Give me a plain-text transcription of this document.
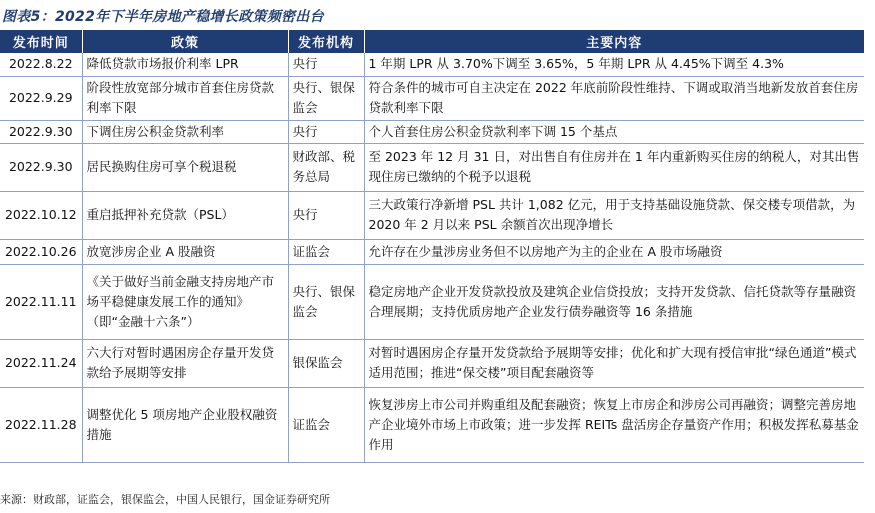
图表5：2022年下半年房地产稳增长政策频密出台
发布时间	政策	发布机构	主要内容
2022.8.22	降低贷款市场报价利率 LPR	央行	1 年期 LPR 从 3.70%下调至 3.65%，5 年期 LPR 从 4.45%下调至 4.3%
2022.9.29	阶段性放宽部分城市首套住房贷款利率下限	央行、银保监会	符合条件的城市可自主决定在 2022 年底前阶段性维持、下调或取消当地新发放首套住房贷款利率下限
2022.9.30	下调住房公积金贷款利率	央行	个人首套住房公积金贷款利率下调 15 个基点
2022.9.30	居民换购住房可享个税退税	财政部、税务总局	至 2023 年 12 月 31 日，对出售自有住房并在 1 年内重新购买住房的纳税人，对其出售现住房已缴纳的个税予以退税
2022.10.12	重启抵押补充贷款（PSL）	央行	三大政策行净新增 PSL 共计 1,082 亿元，用于支持基础设施贷款、保交楼专项借款，为 2020 年 2 月以来 PSL 余额首次出现净增长
2022.10.26	放宽涉房企业 A 股融资	证监会	允许存在少量涉房业务但不以房地产为主的企业在 A 股市场融资
2022.11.11	《关于做好当前金融支持房地产市场平稳健康发展工作的通知》（即“金融十六条”）	央行、银保监会	稳定房地产企业开发贷款投放及建筑企业信贷投放；支持开发贷款、信托贷款等存量融资合理展期；支持优质房地产企业发行债券融资等 16 条措施
2022.11.24	六大行对暂时遇困房企存量开发贷款给予展期等安排	银保监会	对暂时遇困房企存量开发贷款给予展期等安排；优化和扩大现有授信审批“绿色通道”模式适用范围；推进“保交楼”项目配套融资等
2022.11.28	调整优化 5 项房地产企业股权融资措施	证监会	恢复涉房上市公司并购重组及配套融资；恢复上市房企和涉房公司再融资；调整完善房地产企业境外市场上市政策；进一步发挥 REITs 盘活房企存量资产作用；积极发挥私募基金作用
来源：财政部，证监会，银保监会，中国人民银行，国金证券研究所
